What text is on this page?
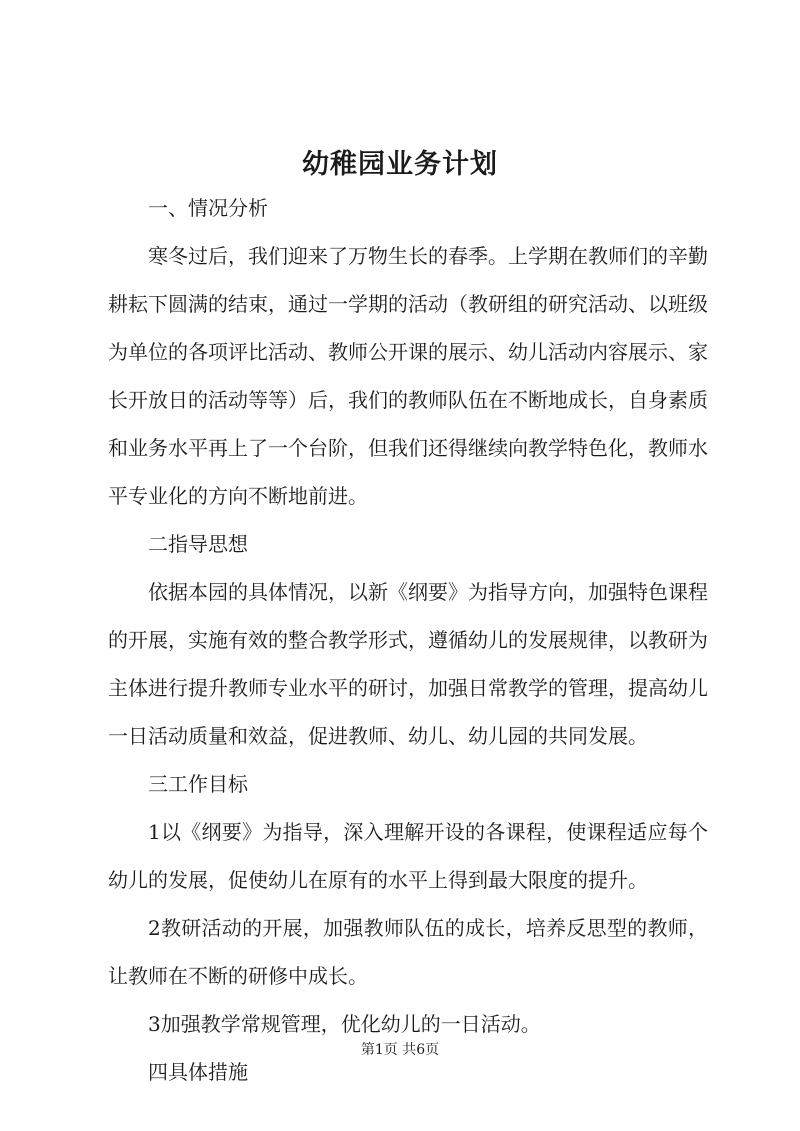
幼稚园业务计划

一、情况分析

寒冬过后，我们迎来了万物生长的春季。上学期在教师们的辛勤耕耘下圆满的结束，通过一学期的活动（教研组的研究活动、以班级为单位的各项评比活动、教师公开课的展示、幼儿活动内容展示、家长开放日的活动等等）后，我们的教师队伍在不断地成长，自身素质和业务水平再上了一个台阶，但我们还得继续向教学特色化，教师水平专业化的方向不断地前进。

二指导思想

依据本园的具体情况，以新《纲要》为指导方向，加强特色课程的开展，实施有效的整合教学形式，遵循幼儿的发展规律，以教研为主体进行提升教师专业水平的研讨，加强日常教学的管理，提高幼儿一日活动质量和效益，促进教师、幼儿、幼儿园的共同发展。

三工作目标

1以《纲要》为指导，深入理解开设的各课程，使课程适应每个幼儿的发展，促使幼儿在原有的水平上得到最大限度的提升。

2教研活动的开展，加强教师队伍的成长，培养反思型的教师，让教师在不断的研修中成长。

3加强教学常规管理，优化幼儿的一日活动。

四具体措施

第1页 共6页
